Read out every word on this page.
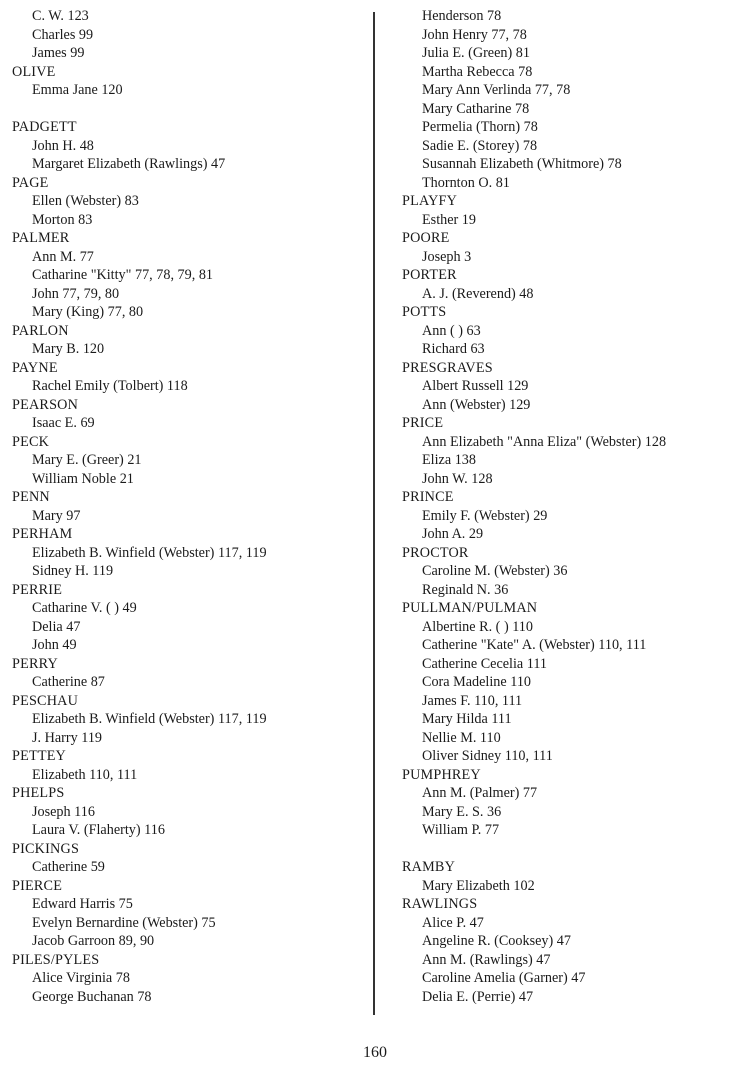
C. W. 123
Charles 99
James 99
OLIVE
Emma Jane 120
PADGETT
John H. 48
Margaret Elizabeth (Rawlings) 47
PAGE
Ellen (Webster) 83
Morton 83
PALMER
Ann M. 77
Catharine "Kitty" 77, 78, 79, 81
John 77, 79, 80
Mary (King) 77, 80
PARLON
Mary B. 120
PAYNE
Rachel Emily (Tolbert) 118
PEARSON
Isaac E. 69
PECK
Mary E. (Greer) 21
William Noble 21
PENN
Mary 97
PERHAM
Elizabeth B. Winfield (Webster) 117, 119
Sidney H. 119
PERRIE
Catharine V. ( ) 49
Delia 47
John 49
PERRY
Catherine 87
PESCHAU
Elizabeth B. Winfield (Webster) 117, 119
J. Harry 119
PETTEY
Elizabeth 110, 111
PHELPS
Joseph 116
Laura V. (Flaherty) 116
PICKINGS
Catherine 59
PIERCE
Edward Harris 75
Evelyn Bernardine (Webster) 75
Jacob Garroon 89, 90
PILES/PYLES
Alice Virginia 78
George Buchanan 78
Henderson 78
John Henry 77, 78
Julia E. (Green) 81
Martha Rebecca 78
Mary Ann Verlinda 77, 78
Mary Catharine 78
Permelia (Thorn) 78
Sadie E. (Storey) 78
Susannah Elizabeth (Whitmore) 78
Thornton O. 81
PLAYFY
Esther 19
POORE
Joseph 3
PORTER
A. J. (Reverend) 48
POTTS
Ann ( ) 63
Richard 63
PRESGRAVES
Albert Russell 129
Ann (Webster) 129
PRICE
Ann Elizabeth "Anna Eliza" (Webster) 128
Eliza 138
John W. 128
PRINCE
Emily F. (Webster) 29
John A. 29
PROCTOR
Caroline M. (Webster) 36
Reginald N. 36
PULLMAN/PULMAN
Albertine R. ( ) 110
Catherine "Kate" A. (Webster) 110, 111
Catherine Cecelia 111
Cora Madeline 110
James F. 110, 111
Mary Hilda 111
Nellie M. 110
Oliver Sidney 110, 111
PUMPHREY
Ann M. (Palmer) 77
Mary E. S. 36
William P. 77
RAMBY
Mary Elizabeth 102
RAWLINGS
Alice P. 47
Angeline R. (Cooksey) 47
Ann M. (Rawlings) 47
Caroline Amelia (Garner) 47
Delia E. (Perrie) 47
160
